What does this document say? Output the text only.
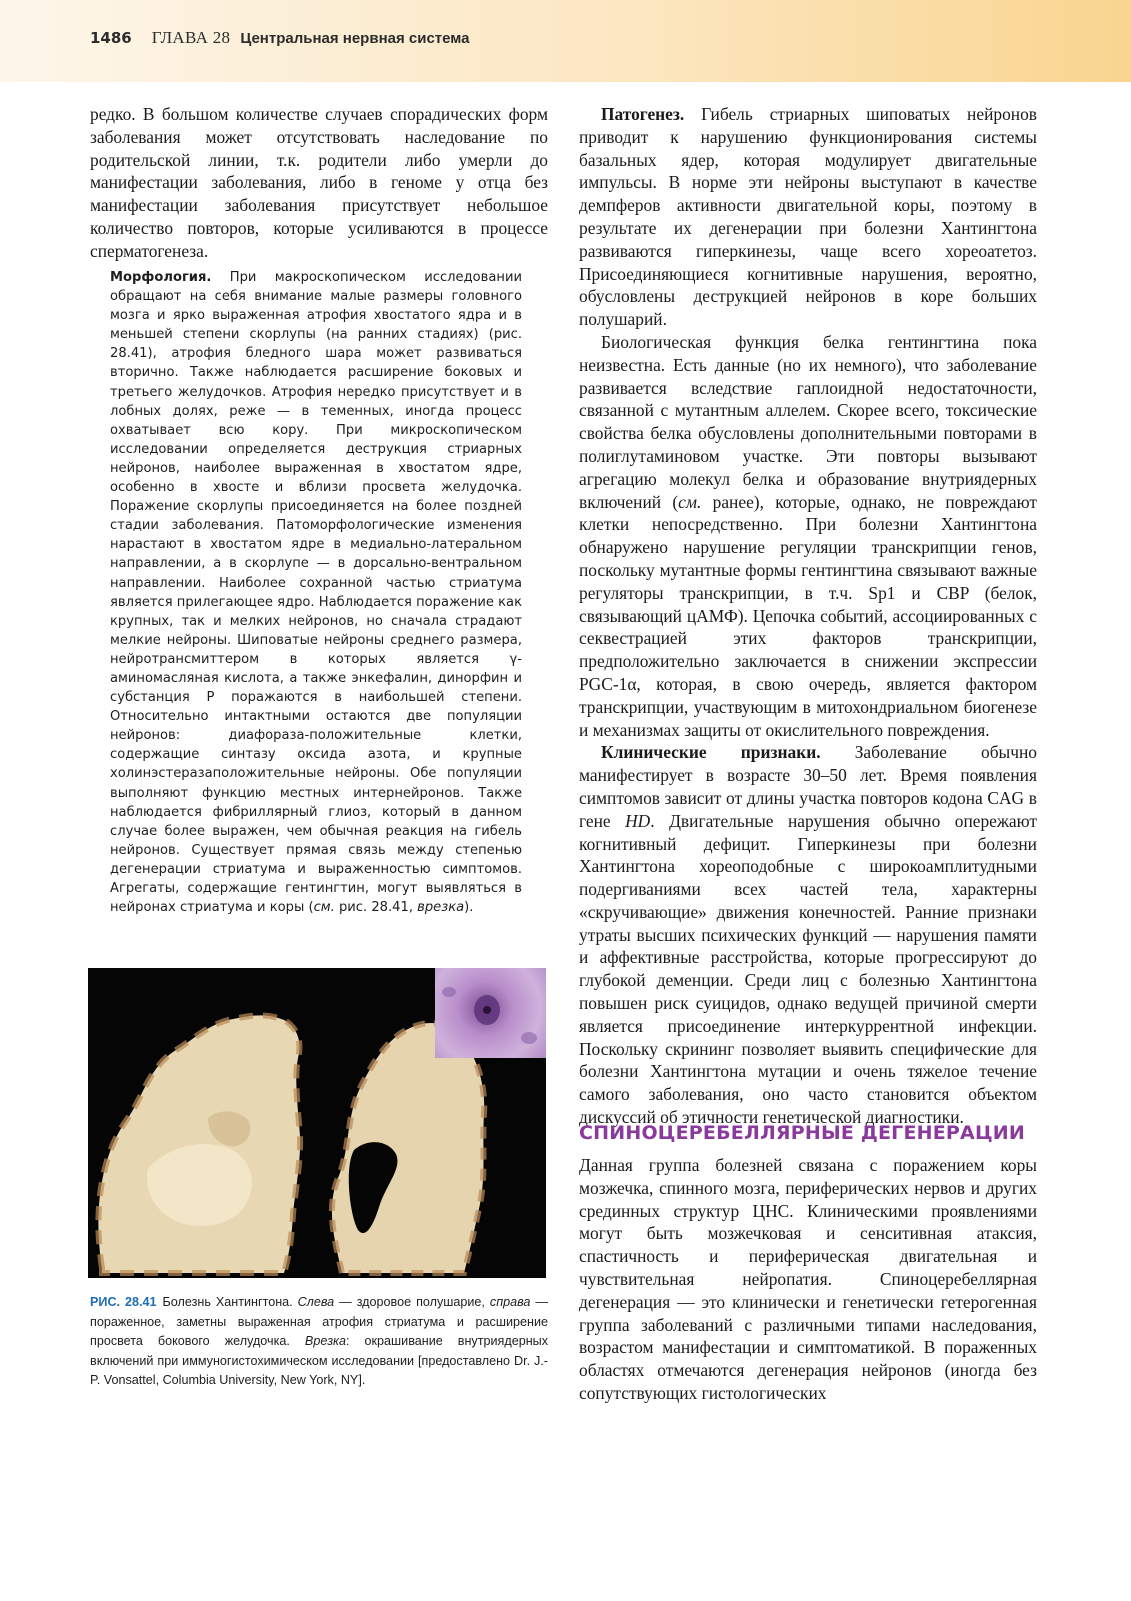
1486 ГЛАВА 28 Центральная нервная система

редко. В большом количестве случаев спорадических форм заболевания может отсутствовать наследование по родительской линии, т.к. родители либо умерли до манифестации заболевания, либо в геноме у отца без манифестации заболевания присутствует небольшое количество повторов, которые усиливаются в процессе сперматогенеза.

Морфология. При макроскопическом исследовании обращают на себя внимание малые размеры головного мозга и ярко выраженная атрофия хвостатого ядра и в меньшей степени скорлупы (на ранних стадиях) (рис. 28.41), атрофия бледного шара может развиваться вторично. Также наблюдается расширение боковых и третьего желудочков. Атрофия нередко присутствует и в лобных долях, реже — в теменных, иногда процесс охватывает всю кору. При микроскопическом исследовании определяется деструкция стриарных нейронов, наиболее выраженная в хвостатом ядре, особенно в хвосте и вблизи просвета желудочка. Поражение скорлупы присоединяется на более поздней стадии заболевания. Патоморфологические изменения нарастают в хвостатом ядре в медиально-латеральном направлении, а в скорлупе — в дорсально-вентральном направлении. Наиболее сохранной частью стриатума является прилегающее ядро. Наблюдается поражение как крупных, так и мелких нейронов, но сначала страдают мелкие нейроны. Шиповатые нейроны среднего размера, нейротрансмиттером в которых является γ-аминомасляная кислота, а также энкефалин, динорфин и субстанция P поражаются в наибольшей степени. Относительно интактными остаются две популяции нейронов: диафораза-положительные клетки, содержащие синтазу оксида азота, и крупные холинэстеразаположительные нейроны. Обе популяции выполняют функцию местных интернейронов. Также наблюдается фибриллярный глиоз, который в данном случае более выражен, чем обычная реакция на гибель нейронов. Существует прямая связь между степенью дегенерации стриатума и выраженностью симптомов. Агрегаты, содержащие гентингтин, могут выявляться в нейронах стриатума и коры (см. рис. 28.41, врезка).

РИС. 28.41 Болезнь Хантингтона. Слева — здоровое полушарие, справа — пораженное, заметны выраженная атрофия стриатума и расширение просвета бокового желудочка. Врезка: окрашивание внутриядерных включений при иммуногистохимическом исследовании [предоставлено Dr. J.-P. Vonsattel, Columbia University, New York, NY].

Патогенез. Гибель стриарных шиповатых нейронов приводит к нарушению функционирования системы базальных ядер, которая модулирует двигательные импульсы. В норме эти нейроны выступают в качестве демпферов активности двигательной коры, поэтому в результате их дегенерации при болезни Хантингтона развиваются гиперкинезы, чаще всего хореоатетоз. Присоединяющиеся когнитивные нарушения, вероятно, обусловлены деструкцией нейронов в коре больших полушарий.

Биологическая функция белка гентингтина пока неизвестна. Есть данные (но их немного), что заболевание развивается вследствие гаплоидной недостаточности, связанной с мутантным аллелем. Скорее всего, токсические свойства белка обусловлены дополнительными повторами в полиглутаминовом участке. Эти повторы вызывают агрегацию молекул белка и образование внутриядерных включений (см. ранее), которые, однако, не повреждают клетки непосредственно. При болезни Хантингтона обнаружено нарушение регуляции транскрипции генов, поскольку мутантные формы гентингтина связывают важные регуляторы транскрипции, в т.ч. Sp1 и CBP (белок, связывающий цАМФ). Цепочка событий, ассоциированных с секвестрацией этих факторов транскрипции, предположительно заключается в снижении экспрессии PGC-1α, которая, в свою очередь, является фактором транскрипции, участвующим в митохондриальном биогенезе и механизмах защиты от окислительного повреждения.

Клинические признаки. Заболевание обычно манифестирует в возрасте 30–50 лет. Время появления симптомов зависит от длины участка повторов кодона CAG в гене HD. Двигательные нарушения обычно опережают когнитивный дефицит. Гиперкинезы при болезни Хантингтона хореоподобные с широкоамплитудными подергиваниями всех частей тела, характерны «скручивающие» движения конечностей. Ранние признаки утраты высших психических функций — нарушения памяти и аффективные расстройства, которые прогрессируют до глубокой деменции. Среди лиц с болезнью Хантингтона повышен риск суицидов, однако ведущей причиной смерти является присоединение интеркуррентной инфекции. Поскольку скрининг позволяет выявить специфические для болезни Хантингтона мутации и очень тяжелое течение самого заболевания, оно часто становится объектом дискуссий об этичности генетической диагностики.

СПИНОЦЕРЕБЕЛЛЯРНЫЕ ДЕГЕНЕРАЦИИ

Данная группа болезней связана с поражением коры мозжечка, спинного мозга, периферических нервов и других срединных структур ЦНС. Клиническими проявлениями могут быть мозжечковая и сенситивная атаксия, спастичность и периферическая двигательная и чувствительная нейропатия. Спиноцеребеллярная дегенерация — это клинически и генетически гетерогенная группа заболеваний с различными типами наследования, возрастом манифестации и симптоматикой. В пораженных областях отмечаются дегенерация нейронов (иногда без сопутствующих гистологических
